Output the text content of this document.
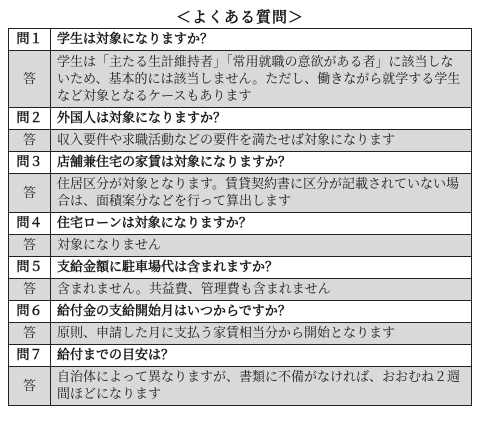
＜よくある質問＞
問１	学生は対象になりますか？
答	学生は「主たる生計維持者」「常用就職の意欲がある者」に該当しないため、基本的には該当しません。ただし、働きながら就学する学生など対象となるケースもあります
問２	外国人は対象になりますか？
答	収入要件や求職活動などの要件を満たせば対象になります
問３	店舗兼住宅の家賃は対象になりますか？
答	住居区分が対象となります。賃貸契約書に区分が記載されていない場合は、面積案分などを行って算出します
問４	住宅ローンは対象になりますか？
答	対象になりません
問５	支給金額に駐車場代は含まれますか？
答	含まれません。共益費、管理費も含まれません
問６	給付金の支給開始月はいつからですか？
答	原則、申請した月に支払う家賃相当分から開始となります
問７	給付までの目安は？
答	自治体によって異なりますが、書類に不備がなければ、おおむね２週間ほどになります
